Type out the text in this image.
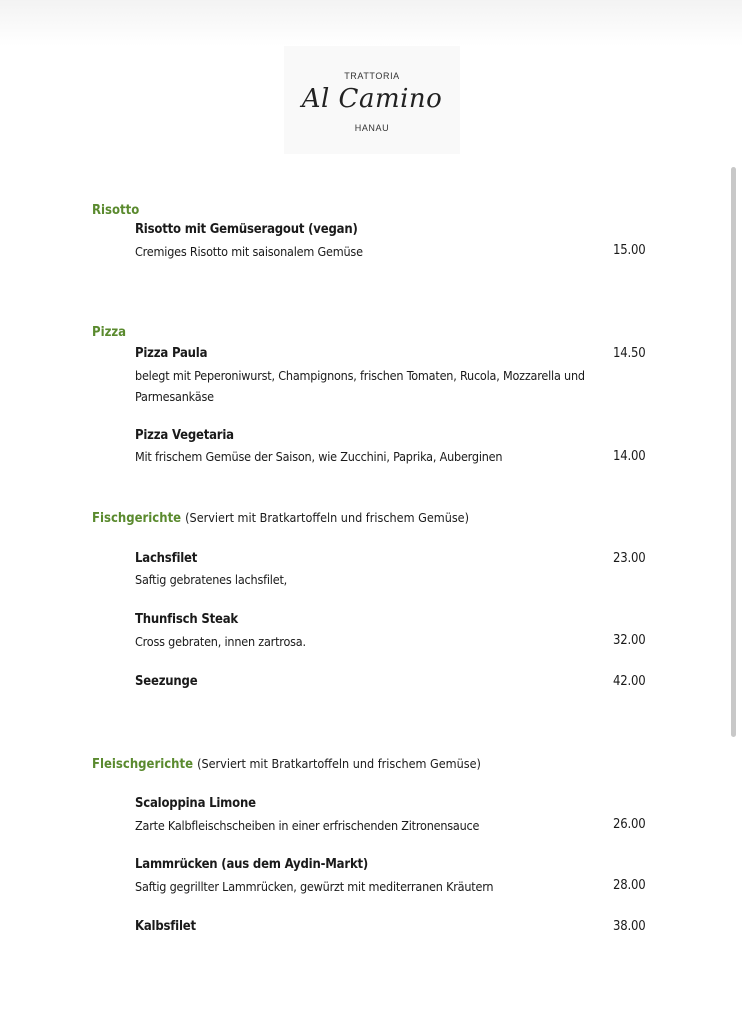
TRATTORIA
Al Camino
HANAU
Risotto
Risotto mit Gemüseragout (vegan)
Cremiges Risotto mit saisonalem Gemüse	15.00
Pizza
Pizza Paula	14.50
belegt mit Peperoniwurst, Champignons, frischen Tomaten, Rucola, Mozzarella und Parmesankäse
Pizza Vegetaria
Mit frischem Gemüse der Saison, wie Zucchini, Paprika, Auberginen	14.00
Fischgerichte (Serviert mit Bratkartoffeln und frischem Gemüse)
Lachsfilet	23.00
Saftig gebratenes lachsfilet,
Thunfisch Steak
Cross gebraten, innen zartrosa.	32.00
Seezunge	42.00
Fleischgerichte (Serviert mit Bratkartoffeln und frischem Gemüse)
Scaloppina Limone
Zarte Kalbfleischscheiben in einer erfrischenden Zitronensauce	26.00
Lammrücken (aus dem Aydin-Markt)
Saftig gegrillter Lammrücken, gewürzt mit mediterranen Kräutern	28.00
Kalbsfilet	38.00
